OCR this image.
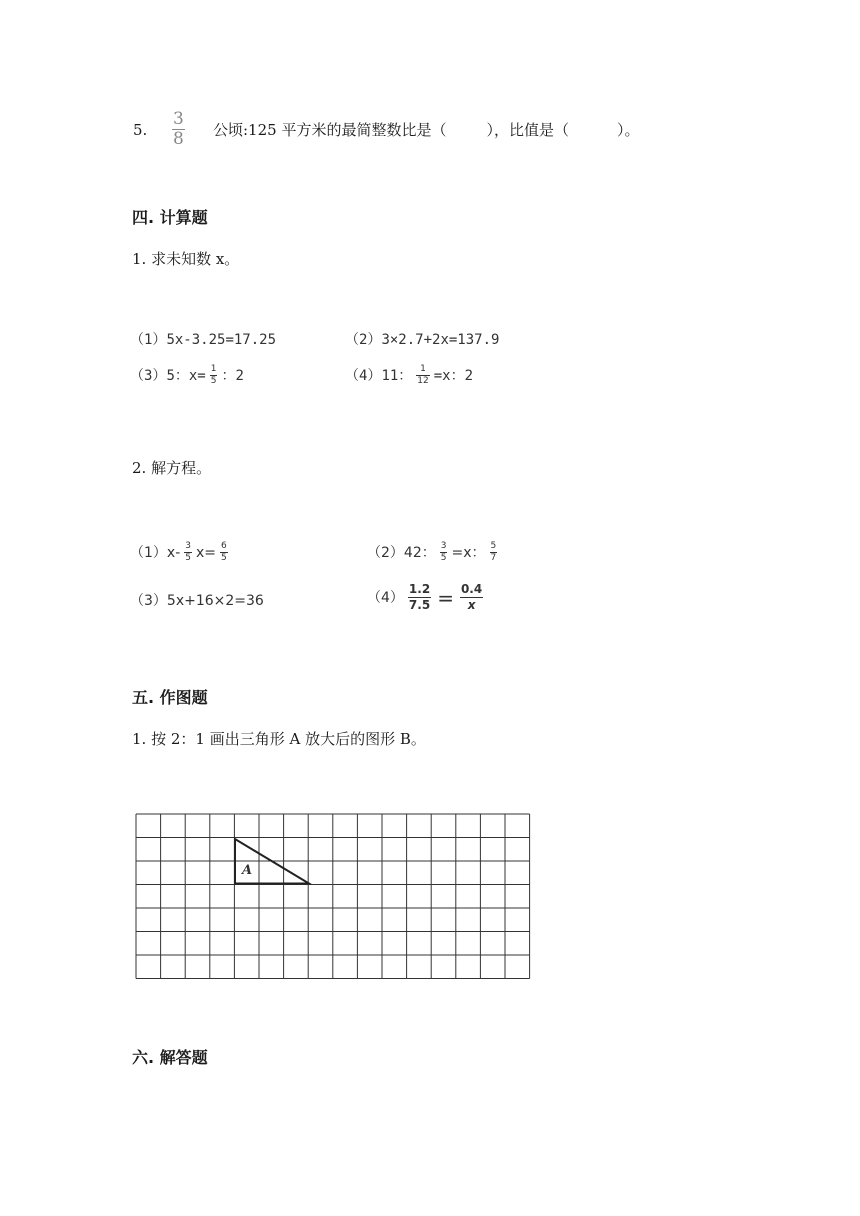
5. $\frac{3}{8}$ 公顷:125 平方米的最简整数比是（	），比值是（	）。
四. 计算题
1. 求未知数 x。
（1）5x-3.25=17.25	（2）3×2.7+2x=137.9
（3） 5：$x= \frac{1}{5}$ ：2	（4） 11： $\frac{1}{12} =x$：2
2. 解方程。
（1） $x- \frac{3}{5} x= \frac{6}{5}$	（2） 42： $\frac{3}{5} =x$： $\frac{5}{7}$
（3）5x+16×2=36	$(4) \frac{1.2}{7.5} = \frac{0.4}{x}$
五. 作图题
1. 按 2：1 画出三角形 A 放大后的图形 B。
A
六. 解答题
